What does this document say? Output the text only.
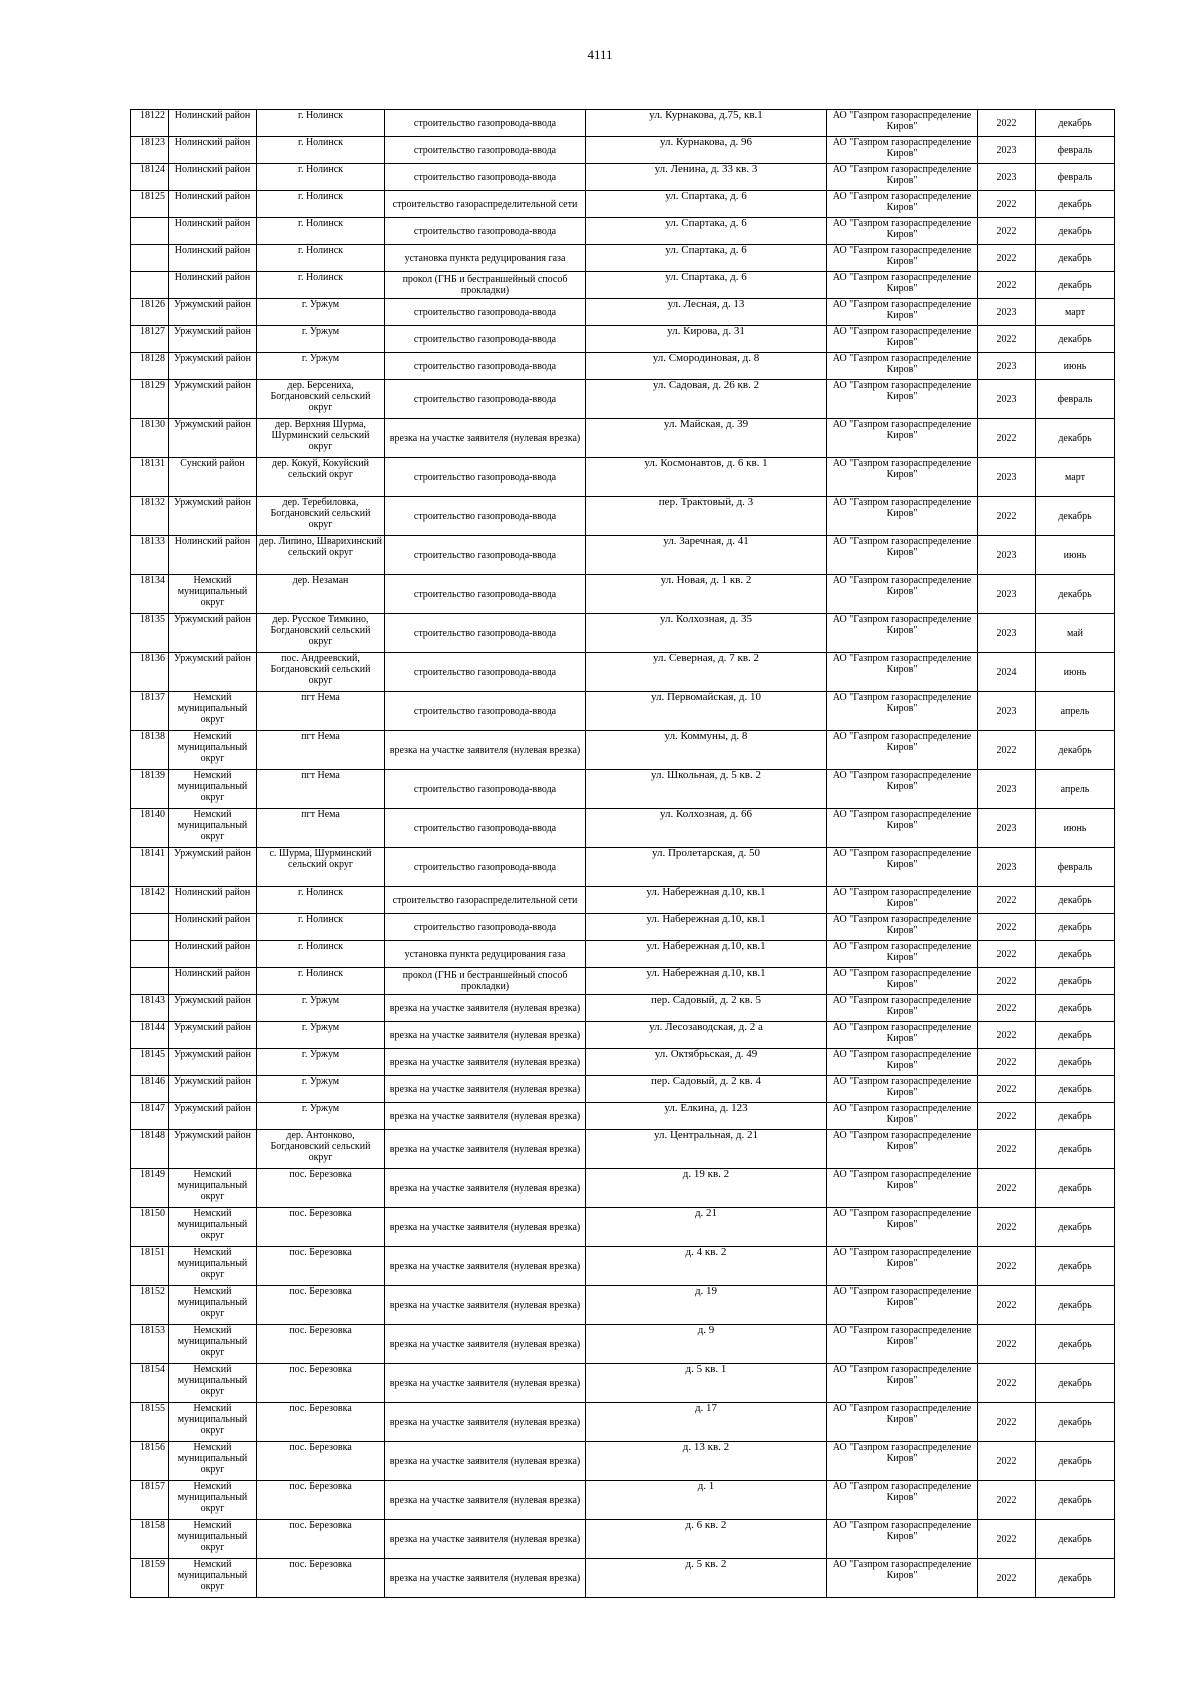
4111
18122	Нолинский район	г. Нолинск	строительство газопровода-ввода	ул. Курнакова, д.75, кв.1	АО "Газпром газораспределение Киров"	2022	декабрь
18123	Нолинский район	г. Нолинск	строительство газопровода-ввода	ул. Курнакова, д. 96	АО "Газпром газораспределение Киров"	2023	февраль
18124	Нолинский район	г. Нолинск	строительство газопровода-ввода	ул. Ленина, д. 33 кв. 3	АО "Газпром газораспределение Киров"	2023	февраль
18125	Нолинский район	г. Нолинск	строительство газораспределительной сети	ул. Спартака, д. 6	АО "Газпром газораспределение Киров"	2022	декабрь
	Нолинский район	г. Нолинск	строительство газопровода-ввода	ул. Спартака, д. 6	АО "Газпром газораспределение Киров"	2022	декабрь
	Нолинский район	г. Нолинск	установка пункта редуцирования газа	ул. Спартака, д. 6	АО "Газпром газораспределение Киров"	2022	декабрь
	Нолинский район	г. Нолинск	прокол (ГНБ и бестраншейный способ прокладки)	ул. Спартака, д. 6	АО "Газпром газораспределение Киров"	2022	декабрь
18126	Уржумский район	г. Уржум	строительство газопровода-ввода	ул. Лесная, д. 13	АО "Газпром газораспределение Киров"	2023	март
18127	Уржумский район	г. Уржум	строительство газопровода-ввода	ул. Кирова, д. 31	АО "Газпром газораспределение Киров"	2022	декабрь
18128	Уржумский район	г. Уржум	строительство газопровода-ввода	ул. Смородиновая, д. 8	АО "Газпром газораспределение Киров"	2023	июнь
18129	Уржумский район	дер. Берсениха, Богдановский сельский округ	строительство газопровода-ввода	ул. Садовая, д. 26 кв. 2	АО "Газпром газораспределение Киров"	2023	февраль
18130	Уржумский район	дер. Верхняя Шурма, Шурминский сельский округ	врезка на участке заявителя (нулевая врезка)	ул. Майская, д. 39	АО "Газпром газораспределение Киров"	2022	декабрь
18131	Сунский район	дер. Кокуй, Кокуйский сельский округ	строительство газопровода-ввода	ул. Космонавтов, д. 6 кв. 1	АО "Газпром газораспределение Киров"	2023	март
18132	Уржумский район	дер. Теребиловка, Богдановский сельский округ	строительство газопровода-ввода	пер. Трактовый, д. 3	АО "Газпром газораспределение Киров"	2022	декабрь
18133	Нолинский район	дер. Липино, Шварихинский сельский округ	строительство газопровода-ввода	ул. Заречная, д. 41	АО "Газпром газораспределение Киров"	2023	июнь
18134	Немский муниципальный округ	дер. Незаман	строительство газопровода-ввода	ул. Новая, д. 1 кв. 2	АО "Газпром газораспределение Киров"	2023	декабрь
18135	Уржумский район	дер. Русское Тимкино, Богдановский сельский округ	строительство газопровода-ввода	ул. Колхозная, д. 35	АО "Газпром газораспределение Киров"	2023	май
18136	Уржумский район	пос. Андреевский, Богдановский сельский округ	строительство газопровода-ввода	ул. Северная, д. 7 кв. 2	АО "Газпром газораспределение Киров"	2024	июнь
18137	Немский муниципальный округ	пгт Нема	строительство газопровода-ввода	ул. Первомайская, д. 10	АО "Газпром газораспределение Киров"	2023	апрель
18138	Немский муниципальный округ	пгт Нема	врезка на участке заявителя (нулевая врезка)	ул. Коммуны, д. 8	АО "Газпром газораспределение Киров"	2022	декабрь
18139	Немский муниципальный округ	пгт Нема	строительство газопровода-ввода	ул. Школьная, д. 5 кв. 2	АО "Газпром газораспределение Киров"	2023	апрель
18140	Немский муниципальный округ	пгт Нема	строительство газопровода-ввода	ул. Колхозная, д. 66	АО "Газпром газораспределение Киров"	2023	июнь
18141	Уржумский район	с. Шурма, Шурминский сельский округ	строительство газопровода-ввода	ул. Пролетарская, д. 50	АО "Газпром газораспределение Киров"	2023	февраль
18142	Нолинский район	г. Нолинск	строительство газораспределительной сети	ул. Набережная д.10, кв.1	АО "Газпром газораспределение Киров"	2022	декабрь
	Нолинский район	г. Нолинск	строительство газопровода-ввода	ул. Набережная д.10, кв.1	АО "Газпром газораспределение Киров"	2022	декабрь
	Нолинский район	г. Нолинск	установка пункта редуцирования газа	ул. Набережная д.10, кв.1	АО "Газпром газораспределение Киров"	2022	декабрь
	Нолинский район	г. Нолинск	прокол (ГНБ и бестраншейный способ прокладки)	ул. Набережная д.10, кв.1	АО "Газпром газораспределение Киров"	2022	декабрь
18143	Уржумский район	г. Уржум	врезка на участке заявителя (нулевая врезка)	пер. Садовый, д. 2 кв. 5	АО "Газпром газораспределение Киров"	2022	декабрь
18144	Уржумский район	г. Уржум	врезка на участке заявителя (нулевая врезка)	ул. Лесозаводская, д. 2 а	АО "Газпром газораспределение Киров"	2022	декабрь
18145	Уржумский район	г. Уржум	врезка на участке заявителя (нулевая врезка)	ул. Октябрьская, д. 49	АО "Газпром газораспределение Киров"	2022	декабрь
18146	Уржумский район	г. Уржум	врезка на участке заявителя (нулевая врезка)	пер. Садовый, д. 2 кв. 4	АО "Газпром газораспределение Киров"	2022	декабрь
18147	Уржумский район	г. Уржум	врезка на участке заявителя (нулевая врезка)	ул. Елкина, д. 123	АО "Газпром газораспределение Киров"	2022	декабрь
18148	Уржумский район	дер. Антонково, Богдановский сельский округ	врезка на участке заявителя (нулевая врезка)	ул. Центральная, д. 21	АО "Газпром газораспределение Киров"	2022	декабрь
18149	Немский муниципальный округ	пос. Березовка	врезка на участке заявителя (нулевая врезка)	д. 19 кв. 2	АО "Газпром газораспределение Киров"	2022	декабрь
18150	Немский муниципальный округ	пос. Березовка	врезка на участке заявителя (нулевая врезка)	д. 21	АО "Газпром газораспределение Киров"	2022	декабрь
18151	Немский муниципальный округ	пос. Березовка	врезка на участке заявителя (нулевая врезка)	д. 4 кв. 2	АО "Газпром газораспределение Киров"	2022	декабрь
18152	Немский муниципальный округ	пос. Березовка	врезка на участке заявителя (нулевая врезка)	д. 19	АО "Газпром газораспределение Киров"	2022	декабрь
18153	Немский муниципальный округ	пос. Березовка	врезка на участке заявителя (нулевая врезка)	д. 9	АО "Газпром газораспределение Киров"	2022	декабрь
18154	Немский муниципальный округ	пос. Березовка	врезка на участке заявителя (нулевая врезка)	д. 5 кв. 1	АО "Газпром газораспределение Киров"	2022	декабрь
18155	Немский муниципальный округ	пос. Березовка	врезка на участке заявителя (нулевая врезка)	д. 17	АО "Газпром газораспределение Киров"	2022	декабрь
18156	Немский муниципальный округ	пос. Березовка	врезка на участке заявителя (нулевая врезка)	д. 13 кв. 2	АО "Газпром газораспределение Киров"	2022	декабрь
18157	Немский муниципальный округ	пос. Березовка	врезка на участке заявителя (нулевая врезка)	д. 1	АО "Газпром газораспределение Киров"	2022	декабрь
18158	Немский муниципальный округ	пос. Березовка	врезка на участке заявителя (нулевая врезка)	д. 6 кв. 2	АО "Газпром газораспределение Киров"	2022	декабрь
18159	Немский муниципальный округ	пос. Березовка	врезка на участке заявителя (нулевая врезка)	д. 5 кв. 2	АО "Газпром газораспределение Киров"	2022	декабрь
